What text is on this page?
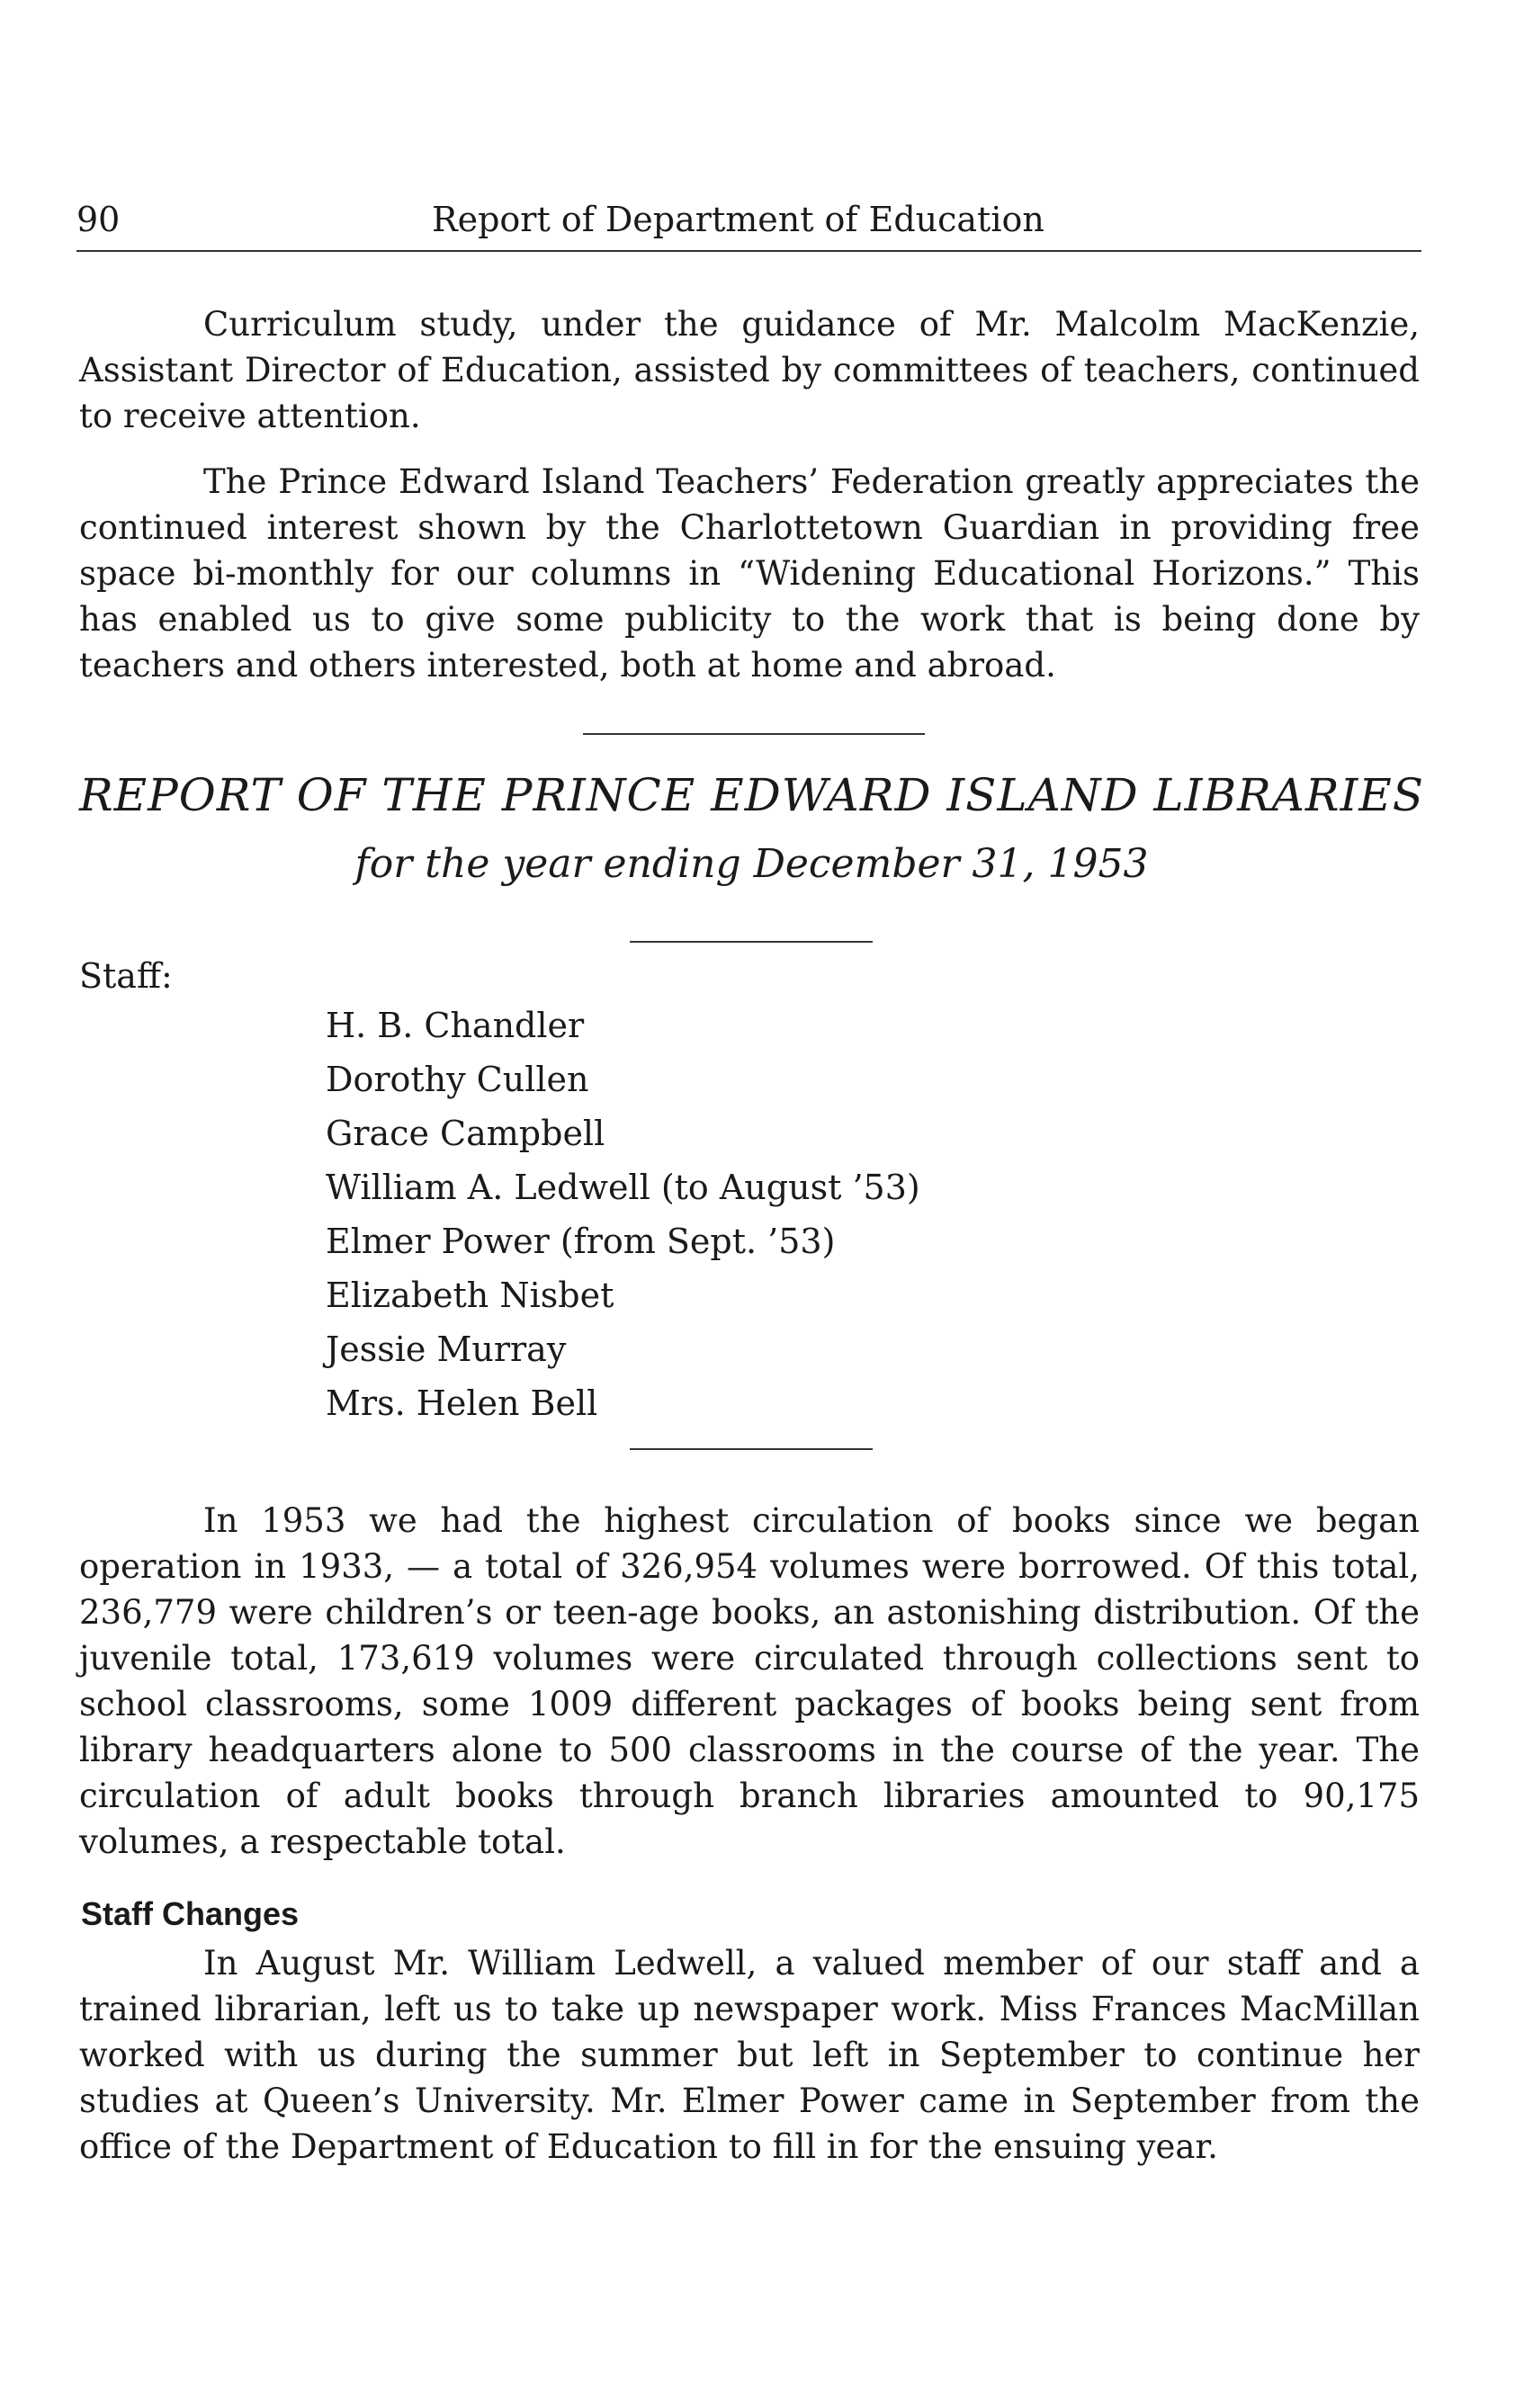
90	Report of Department of Education

Curriculum study, under the guidance of Mr. Malcolm MacKenzie, Assistant Director of Education, assisted by committees of teachers, continued to receive attention.

The Prince Edward Island Teachers’ Federation greatly appreciates the continued interest shown by the Charlottetown Guardian in providing free space bi-monthly for our columns in “Widening Educational Horizons.” This has enabled us to give some publicity to the work that is being done by teachers and others interested, both at home and abroad.

REPORT OF THE PRINCE EDWARD ISLAND LIBRARIES
for the year ending December 31, 1953
Staff:
H. B. Chandler
Dorothy Cullen
Grace Campbell
William A. Ledwell (to August ’53)
Elmer Power (from Sept. ’53)
Elizabeth Nisbet
Jessie Murray
Mrs. Helen Bell

In 1953 we had the highest circulation of books since we began operation in 1933, — a total of 326,954 volumes were borrowed. Of this total, 236,779 were children’s or teen-age books, an astonishing distribution. Of the juvenile total, 173,619 volumes were circulated through collections sent to school classrooms, some 1009 different packages of books being sent from library headquarters alone to 500 classrooms in the course of the year. The circulation of adult books through branch libraries amounted to 90,175 volumes, a respectable total.

Staff Changes

In August Mr. William Ledwell, a valued member of our staff and a trained librarian, left us to take up newspaper work. Miss Frances MacMillan worked with us during the summer but left in September to continue her studies at Queen’s University. Mr. Elmer Power came in September from the office of the Department of Education to fill in for the ensuing year.
